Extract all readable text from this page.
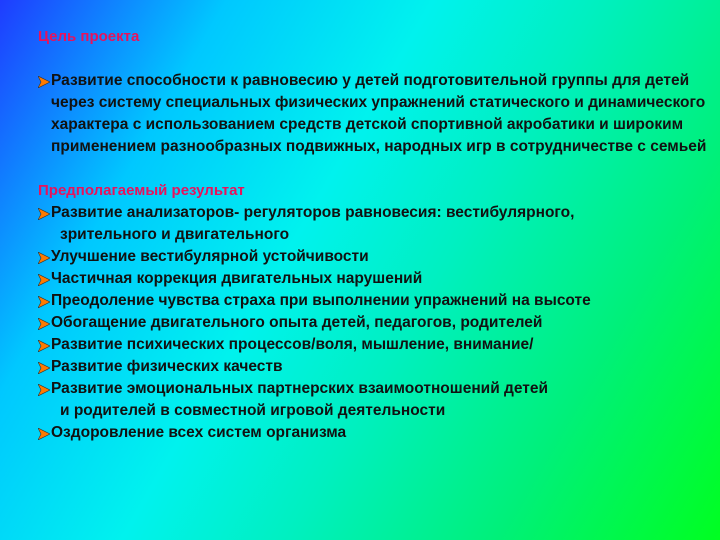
Цель проекта
Развитие способности к равновесию у детей подготовительной группы для детей через систему специальных физических упражнений статического и динамического характера с использованием средств детской спортивной акробатики и широким применением разнообразных подвижных, народных игр в сотрудничестве с семьей
Предполагаемый результат
Развитие анализаторов- регуляторов равновесия: вестибулярного,
зрительного и двигательного
Улучшение вестибулярной устойчивости
Частичная коррекция двигательных нарушений
Преодоление чувства страха при выполнении упражнений на высоте
Обогащение двигательного опыта детей, педагогов, родителей
Развитие психических процессов/воля, мышление, внимание/
Развитие физических качеств
Развитие эмоциональных партнерских взаимоотношений детей
и родителей в совместной игровой деятельности
Оздоровление всех систем организма
